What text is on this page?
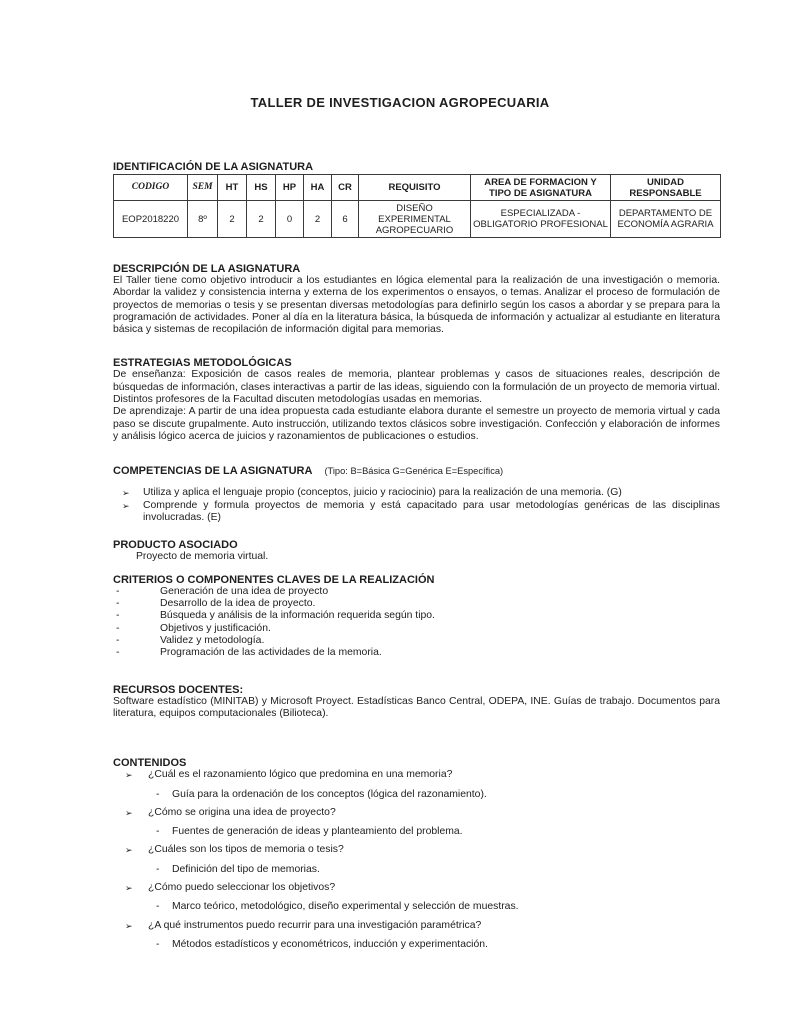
TALLER DE INVESTIGACION AGROPECUARIA
IDENTIFICACIÓN DE LA ASIGNATURA
CODIGO	SEM	HT	HS	HP	HA	CR	REQUISITO	AREA DE FORMACION Y TIPO DE ASIGNATURA	UNIDAD RESPONSABLE
EOP2018220	8º	2	2	0	2	6	DISEÑO EXPERIMENTAL AGROPECUARIO	ESPECIALIZADA - OBLIGATORIO PROFESIONAL	DEPARTAMENTO DE ECONOMÍA AGRARIA
DESCRIPCIÓN DE LA ASIGNATURA

El Taller tiene como objetivo introducir a los estudiantes en lógica elemental para la realización de una investigación o memoria. Abordar la validez y consistencia interna y externa de los experimentos o ensayos, o temas. Analizar el proceso de formulación de proyectos de memorias o tesis y se presentan diversas metodologías para definirlo según los casos a abordar y se prepara para la programación de actividades. Poner al día en la literatura básica, la búsqueda de información y actualizar al estudiante en literatura básica y sistemas de recopilación de información digital para memorias.

ESTRATEGIAS METODOLÓGICAS

De enseñanza: Exposición de casos reales de memoria, plantear problemas y casos de situaciones reales, descripción de búsquedas de información, clases interactivas a partir de las ideas, siguiendo con la formulación de un proyecto de memoria virtual. Distintos profesores de la Facultad discuten metodologías usadas en memorias.

De aprendizaje: A partir de una idea propuesta cada estudiante elabora durante el semestre un proyecto de memoria virtual y cada paso se discute grupalmente. Auto instrucción, utilizando textos clásicos sobre investigación. Confección y elaboración de informes y análisis lógico acerca de juicios y razonamientos de publicaciones o estudios.

COMPETENCIAS DE LA ASIGNATURA (Tipo: B=Básica G=Genérica E=Específica)
➢ Utiliza y aplica el lenguaje propio (conceptos, juicio y raciocinio) para la realización de una memoria. (G)
➢ Comprende y formula proyectos de memoria y está capacitado para usar metodologías genéricas de las disciplinas involucradas. (E)
PRODUCTO ASOCIADO

Proyecto de memoria virtual.

CRITERIOS O COMPONENTES CLAVES DE LA REALIZACIÓN
-	Generación de una idea de proyecto
-	Desarrollo de la idea de proyecto.
-	Búsqueda y análisis de la información requerida según tipo.
-	Objetivos y justificación.
-	Validez y metodología.
-	Programación de las actividades de la memoria.
RECURSOS DOCENTES:

Software estadístico (MINITAB) y Microsoft Proyect. Estadísticas Banco Central, ODEPA, INE. Guías de trabajo. Documentos para literatura, equipos computacionales (Bilioteca).

CONTENIDOS
➢ ¿Cuál es el razonamiento lógico que predomina en una memoria?
- Guía para la ordenación de los conceptos (lógica del razonamiento).
➢ ¿Cómo se origina una idea de proyecto?
- Fuentes de generación de ideas y planteamiento del problema.
➢ ¿Cuáles son los tipos de memoria o tesis?
- Definición del tipo de memorias.
➢ ¿Cómo puedo seleccionar los objetivos?
- Marco teórico, metodológico, diseño experimental y selección de muestras.
➢ ¿A qué instrumentos puedo recurrir para una investigación paramétrica?
- Métodos estadísticos y econométricos, inducción y experimentación.
